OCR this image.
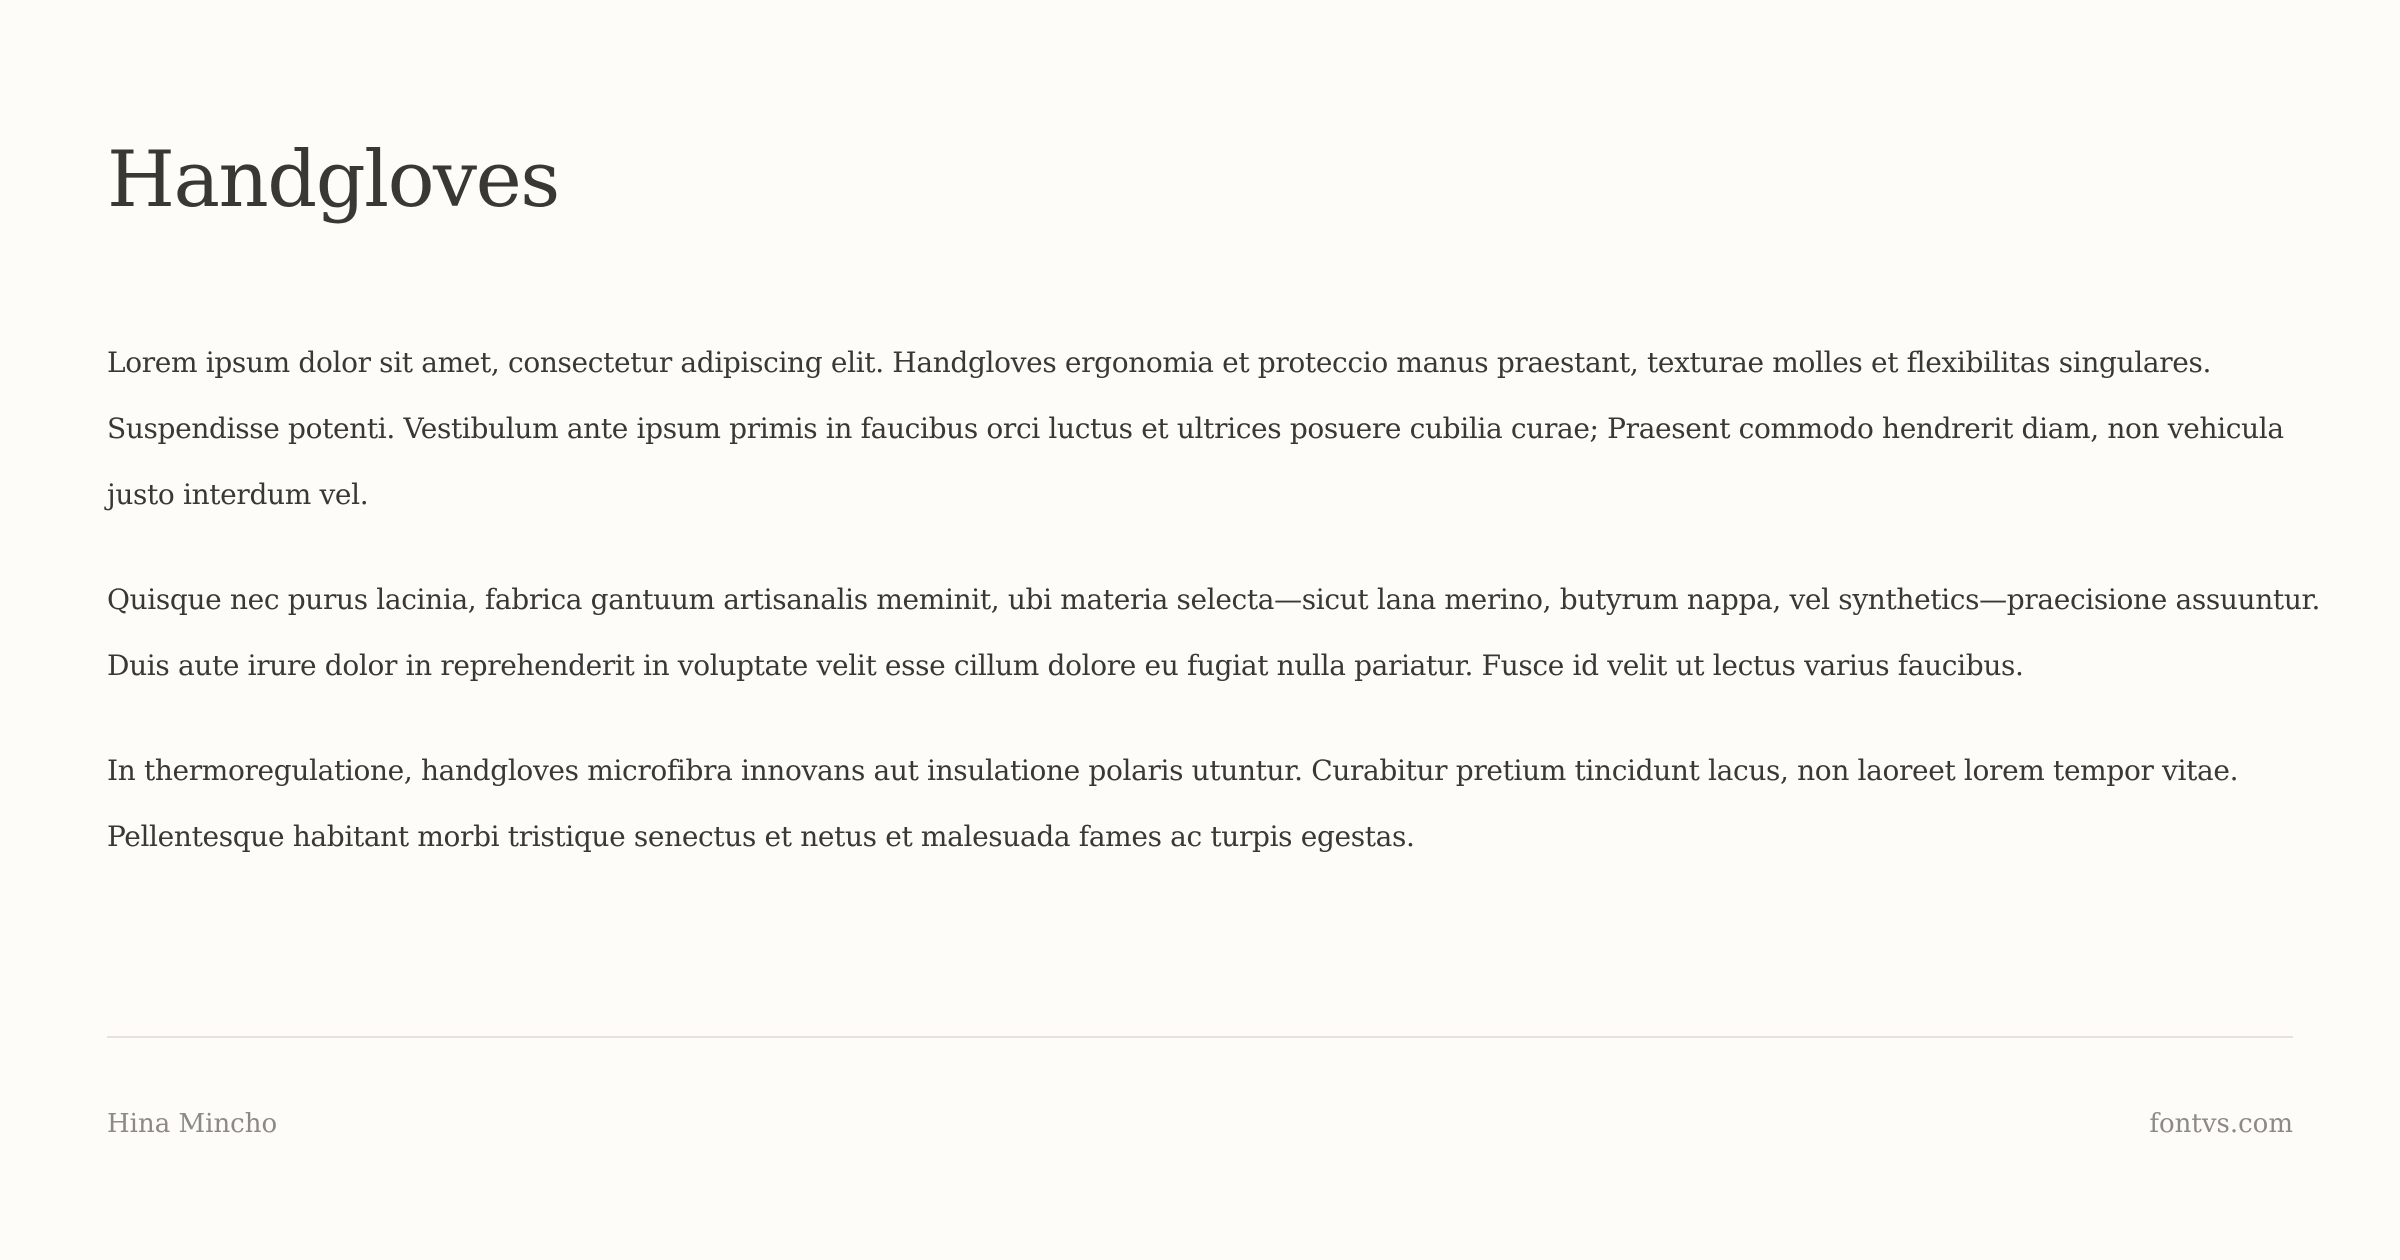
Handgloves

Lorem ipsum dolor sit amet, consectetur adipiscing elit. Handgloves ergonomia et proteccio manus praestant, texturae molles et flexibilitas singulares.
Suspendisse potenti. Vestibulum ante ipsum primis in faucibus orci luctus et ultrices posuere cubilia curae; Praesent commodo hendrerit diam, non vehicula
justo interdum vel.

Quisque nec purus lacinia, fabrica gantuum artisanalis meminit, ubi materia selecta—sicut lana merino, butyrum nappa, vel synthetics—praecisione assuuntur.
Duis aute irure dolor in reprehenderit in voluptate velit esse cillum dolore eu fugiat nulla pariatur. Fusce id velit ut lectus varius faucibus.

In thermoregulatione, handgloves microfibra innovans aut insulatione polaris utuntur. Curabitur pretium tincidunt lacus, non laoreet lorem tempor vitae.
Pellentesque habitant morbi tristique senectus et netus et malesuada fames ac turpis egestas.

Hina Mincho	fontvs.com
